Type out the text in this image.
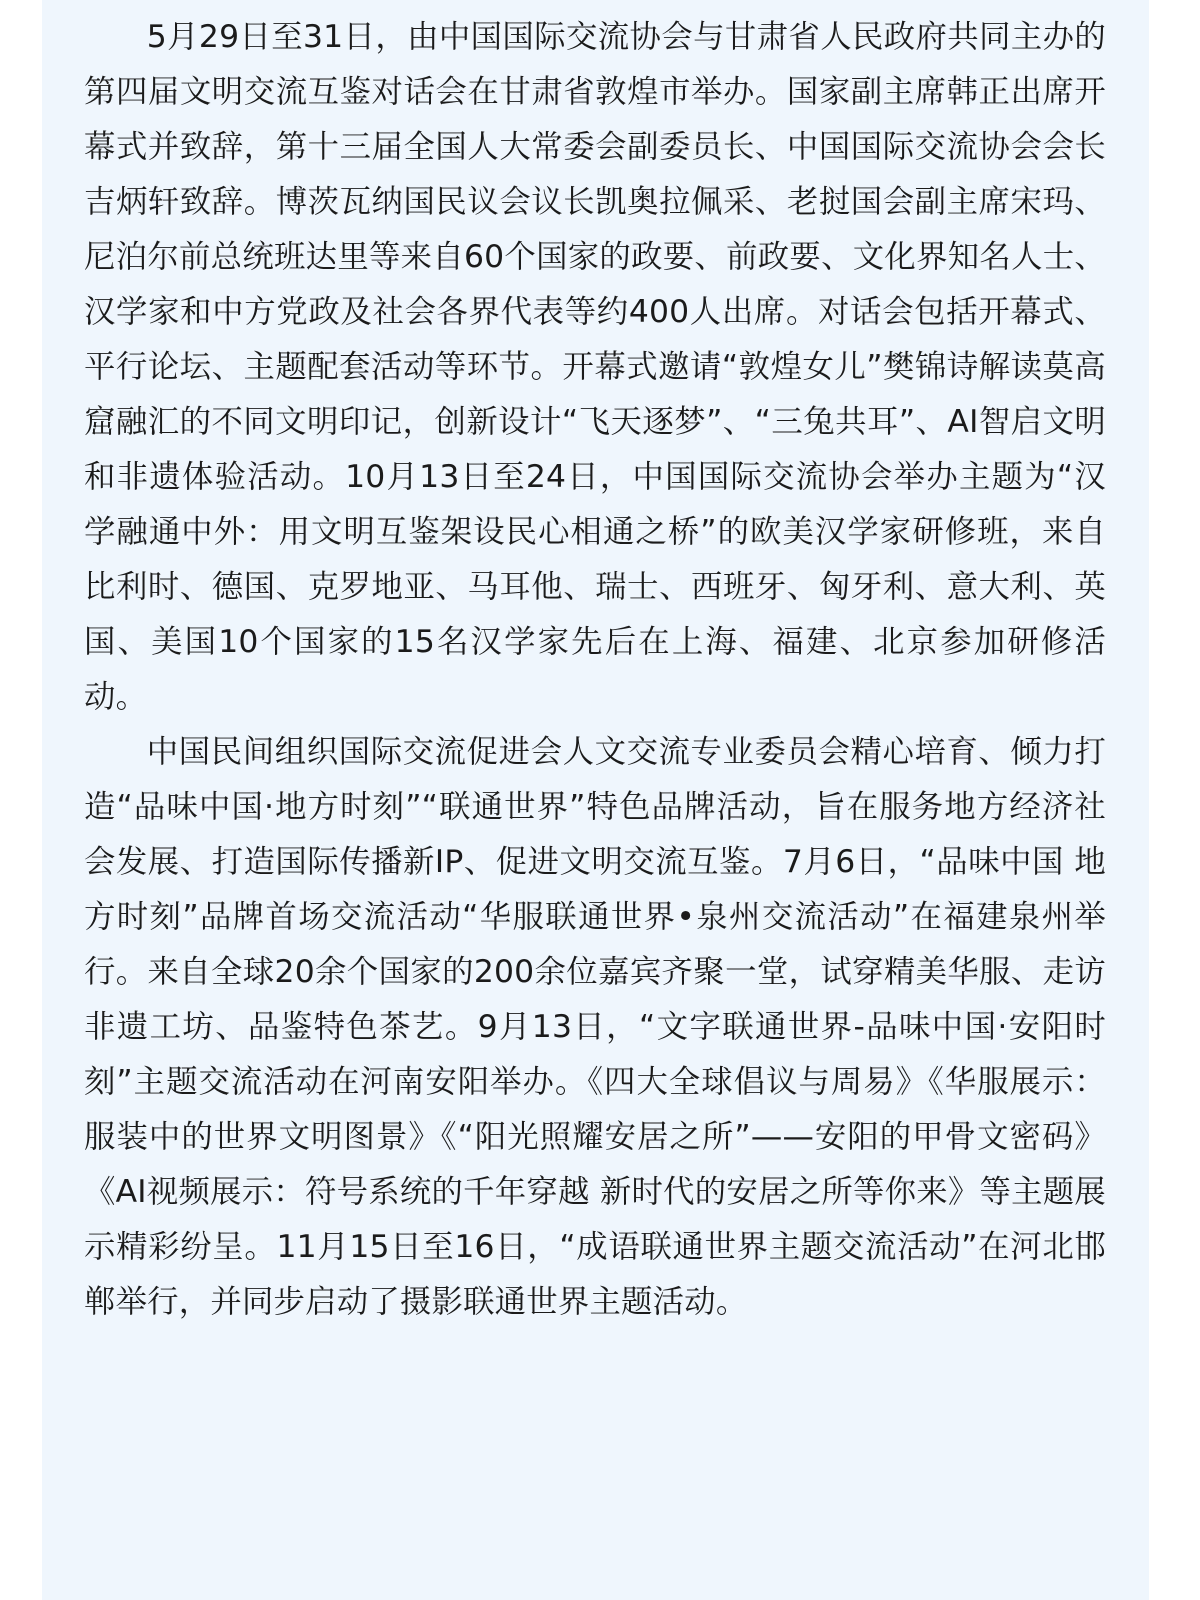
5月29日至31日，由中国国际交流协会与甘肃省人民政府共同主办的第四届文明交流互鉴对话会在甘肃省敦煌市举办。国家副主席韩正出席开幕式并致辞，第十三届全国人大常委会副委员长、中国国际交流协会会长吉炳轩致辞。博茨瓦纳国民议会议长凯奥拉佩采、老挝国会副主席宋玛、尼泊尔前总统班达里等来自60个国家的政要、前政要、文化界知名人士、汉学家和中方党政及社会各界代表等约400人出席。对话会包括开幕式、平行论坛、主题配套活动等环节。开幕式邀请“敦煌女儿”樊锦诗解读莫高窟融汇的不同文明印记，创新设计“飞天逐梦”、“三兔共耳”、AI智启文明和非遗体验活动。10月13日至24日，中国国际交流协会举办主题为“汉学融通中外：用文明互鉴架设民心相通之桥”的欧美汉学家研修班，来自比利时、德国、克罗地亚、马耳他、瑞士、西班牙、匈牙利、意大利、英国、美国10个国家的15名汉学家先后在上海、福建、北京参加研修活动。

中国民间组织国际交流促进会人文交流专业委员会精心培育、倾力打造“品味中国·地方时刻”“联通世界”特色品牌活动，旨在服务地方经济社会发展、打造国际传播新IP、促进文明交流互鉴。7月6日，“品味中国 地方时刻”品牌首场交流活动“华服联通世界•泉州交流活动”在福建泉州举行。来自全球20余个国家的200余位嘉宾齐聚一堂，试穿精美华服、走访非遗工坊、品鉴特色茶艺。9月13日，“文字联通世界-品味中国·安阳时刻”主题交流活动在河南安阳举办。《四大全球倡议与周易》《华服展示：服装中的世界文明图景》《“阳光照耀安居之所”——安阳的甲骨文密码》《AI视频展示：符号系统的千年穿越 新时代的安居之所等你来》等主题展示精彩纷呈。11月15日至16日，“成语联通世界主题交流活动”在河北邯郸举行，并同步启动了摄影联通世界主题活动。
